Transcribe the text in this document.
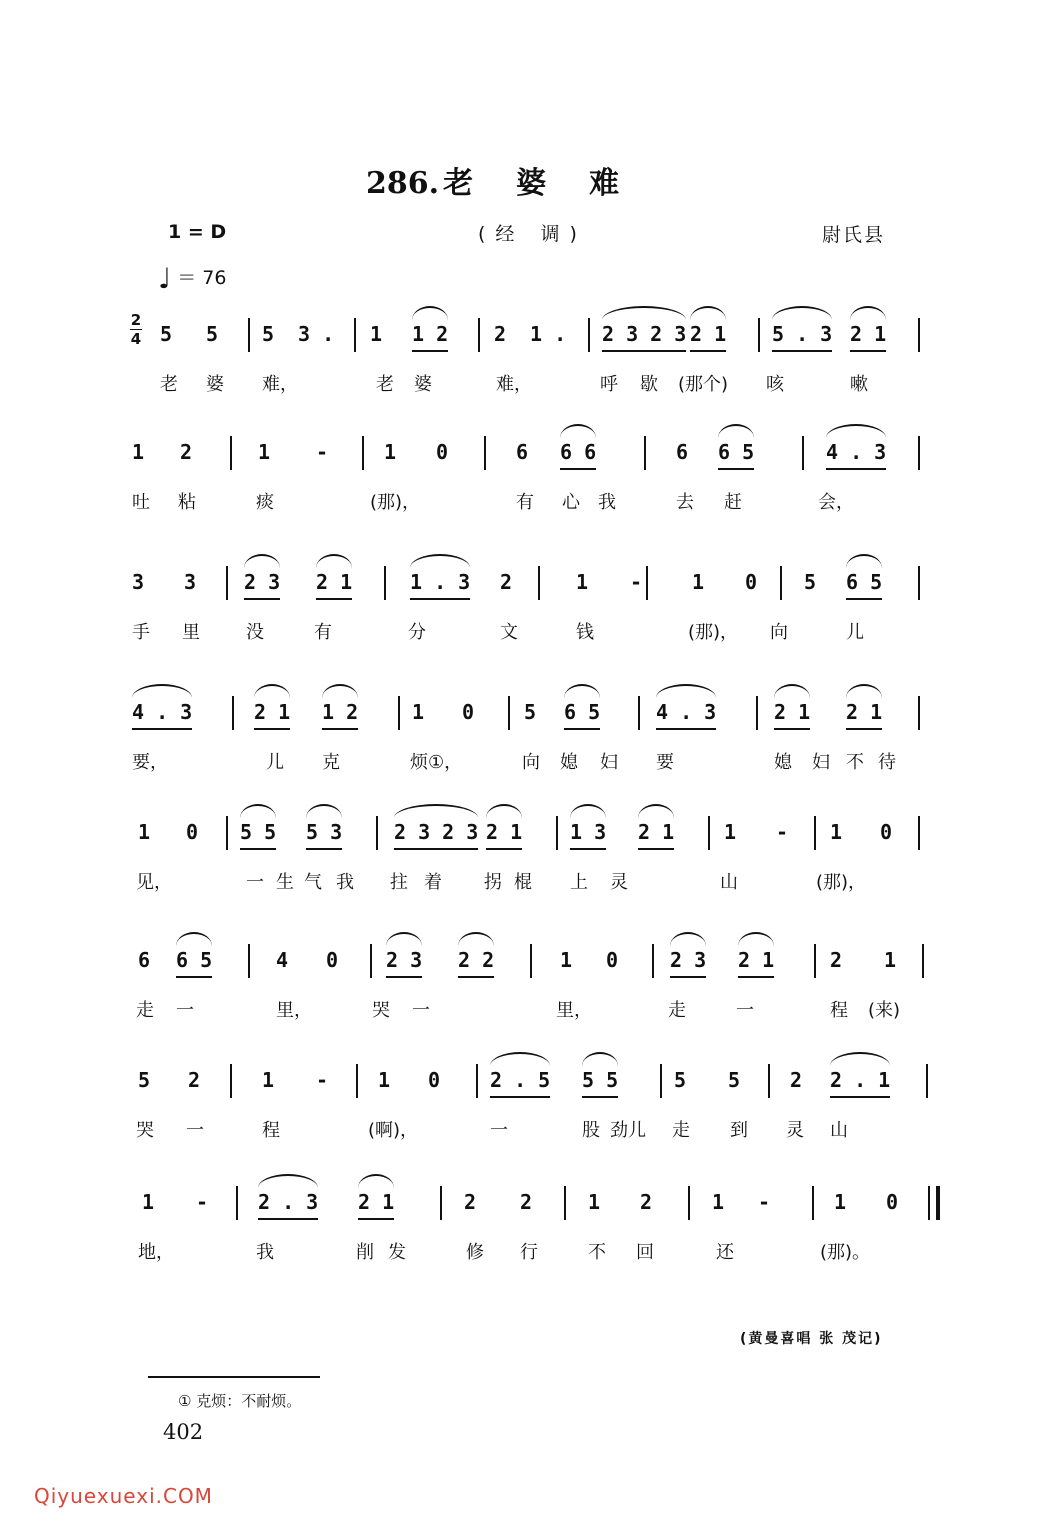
286. 老 婆 难
1 = D	(经 调)	尉氏县
♩ ＝ 76
2
4 5 5 5 3 . 1 1 2 2 1 . 2 3 2 3 2 1 5 . 3 2 1
老 婆 难，	老 婆	难，	呼 歇 (那个) 咳	嗽
1 2	1 -	1 0	6 6 6	6 6 5	4 . 3
吐 粘	痰	(那)，	有 心 我	去 赶	会，
3 3 2 3 2 1	1 . 3 2	1 - 1 0 5 6 5
手 里	没	有	分	文	钱	(那)， 向	儿
4 . 3	2 1 1 2	1 0 5 6 5	4 . 3	2 1 2 1
要，	儿 克	烦①，	向 媳 妇 要	媳 妇 不 待
1 0 5 5 5 3	2 3 2 3 2 1 1 3 2 1 1 - 1 0
见，	一 生 气 我 拄 着 拐 棍 上 灵	山	(那)，
6 6 5	4 0 2 3 2 2	1 0	2 3 2 1	2 1
走 一	里，	哭 一	里，	走	一	程 (来)
5 2	1 - 1 0 2 . 5 5 5	5 5 2 2 . 1
哭 一	程	(啊)，	一	股 劲儿 走 到 灵 山
1 - 2 . 3 2 1	2 2	1 2	1 -	1 0
地，	我	削 发	修 行	不 回	还	(那)。
(黄曼喜唱 张 茂记)
① 克烦：不耐烦。
402
Qiyuexuexi.COM
